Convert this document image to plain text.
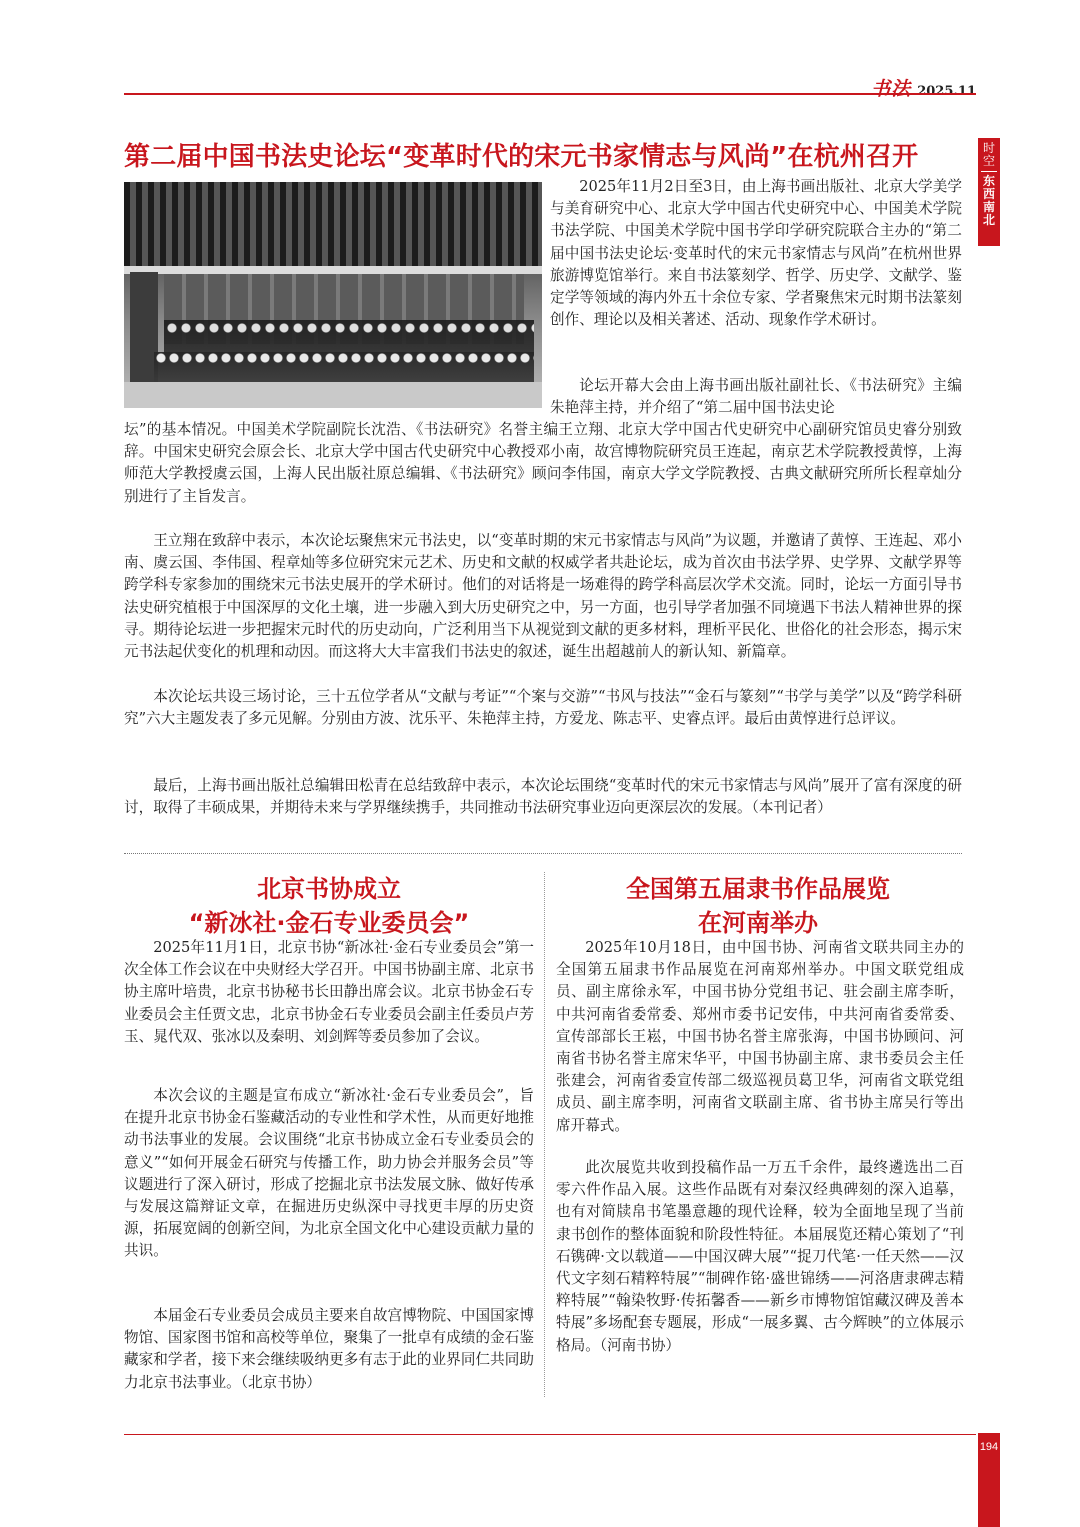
书法 2025.11
时空
东西南北
第二届中国书法史论坛“变革时代的宋元书家情志与风尚”在杭州召开

2025年11月2日至3日，由上海书画出版社、北京大学美学与美育研究中心、北京大学中国古代史研究中心、中国美术学院书法学院、中国美术学院中国书学印学研究院联合主办的“第二届中国书法史论坛·变革时代的宋元书家情志与风尚”在杭州世界旅游博览馆举行。来自书法篆刻学、哲学、历史学、文献学、鉴定学等领域的海内外五十余位专家、学者聚焦宋元时期书法篆刻创作、理论以及相关著述、活动、现象作学术研讨。

论坛开幕大会由上海书画出版社副社长、《书法研究》主编朱艳萍主持，并介绍了“第二届中国书法史论

坛”的基本情况。中国美术学院副院长沈浩、《书法研究》名誉主编王立翔、北京大学中国古代史研究中心副研究馆员史睿分别致辞。中国宋史研究会原会长、北京大学中国古代史研究中心教授邓小南，故宫博物院研究员王连起，南京艺术学院教授黄惇，上海师范大学教授虞云国，上海人民出版社原总编辑、《书法研究》顾问李伟国，南京大学文学院教授、古典文献研究所所长程章灿分别进行了主旨发言。

王立翔在致辞中表示，本次论坛聚焦宋元书法史，以“变革时期的宋元书家情志与风尚”为议题，并邀请了黄惇、王连起、邓小南、虞云国、李伟国、程章灿等多位研究宋元艺术、历史和文献的权威学者共赴论坛，成为首次由书法学界、史学界、文献学界等跨学科专家参加的围绕宋元书法史展开的学术研讨。他们的对话将是一场难得的跨学科高层次学术交流。同时，论坛一方面引导书法史研究植根于中国深厚的文化土壤，进一步融入到大历史研究之中，另一方面，也引导学者加强不同境遇下书法人精神世界的探寻。期待论坛进一步把握宋元时代的历史动向，广泛利用当下从视觉到文献的更多材料，理析平民化、世俗化的社会形态，揭示宋元书法起伏变化的机理和动因。而这将大大丰富我们书法史的叙述，诞生出超越前人的新认知、新篇章。

本次论坛共设三场讨论，三十五位学者从“文献与考证”“个案与交游”“书风与技法”“金石与篆刻”“书学与美学”以及“跨学科研究”六大主题发表了多元见解。分别由方波、沈乐平、朱艳萍主持，方爱龙、陈志平、史睿点评。最后由黄惇进行总评议。

最后，上海书画出版社总编辑田松青在总结致辞中表示，本次论坛围绕“变革时代的宋元书家情志与风尚”展开了富有深度的研讨，取得了丰硕成果，并期待未来与学界继续携手，共同推动书法研究事业迈向更深层次的发展。（本刊记者）

北京书协成立
“新冰社·金石专业委员会”

2025年11月1日，北京书协“新冰社·金石专业委员会”第一次全体工作会议在中央财经大学召开。中国书协副主席、北京书协主席叶培贵，北京书协秘书长田静出席会议。北京书协金石专业委员会主任贾文忠，北京书协金石专业委员会副主任委员卢芳玉、晁代双、张冰以及秦明、刘剑辉等委员参加了会议。

本次会议的主题是宣布成立“新冰社·金石专业委员会”，旨在提升北京书协金石鉴藏活动的专业性和学术性，从而更好地推动书法事业的发展。会议围绕“北京书协成立金石专业委员会的意义”“如何开展金石研究与传播工作，助力协会并服务会员”等议题进行了深入研讨，形成了挖掘北京书法发展文脉、做好传承与发展这篇辩证文章，在掘进历史纵深中寻找更丰厚的历史资源，拓展宽阔的创新空间，为北京全国文化中心建设贡献力量的共识。

本届金石专业委员会成员主要来自故宫博物院、中国国家博物馆、国家图书馆和高校等单位，聚集了一批卓有成绩的金石鉴藏家和学者，接下来会继续吸纳更多有志于此的业界同仁共同助力北京书法事业。（北京书协）

全国第五届隶书作品展览
在河南举办

2025年10月18日，由中国书协、河南省文联共同主办的全国第五届隶书作品展览在河南郑州举办。中国文联党组成员、副主席徐永军，中国书协分党组书记、驻会副主席李昕，中共河南省委常委、郑州市委书记安伟，中共河南省委常委、宣传部部长王崧，中国书协名誉主席张海，中国书协顾问、河南省书协名誉主席宋华平，中国书协副主席、隶书委员会主任张建会，河南省委宣传部二级巡视员葛卫华，河南省文联党组成员、副主席李明，河南省文联副主席、省书协主席吴行等出席开幕式。

此次展览共收到投稿作品一万五千余件，最终遴选出二百零六件作品入展。这些作品既有对秦汉经典碑刻的深入追摹，也有对简牍帛书笔墨意趣的现代诠释，较为全面地呈现了当前隶书创作的整体面貌和阶段性特征。本届展览还精心策划了“刊石镌碑·文以载道——中国汉碑大展”“捉刀代笔·一任天然——汉代文字刻石精粹特展”“制碑作铭·盛世锦绣——河洛唐隶碑志精粹特展”“翰染牧野·传拓馨香——新乡市博物馆馆藏汉碑及善本特展”多场配套专题展，形成“一展多翼、古今辉映”的立体展示格局。（河南书协）

194
